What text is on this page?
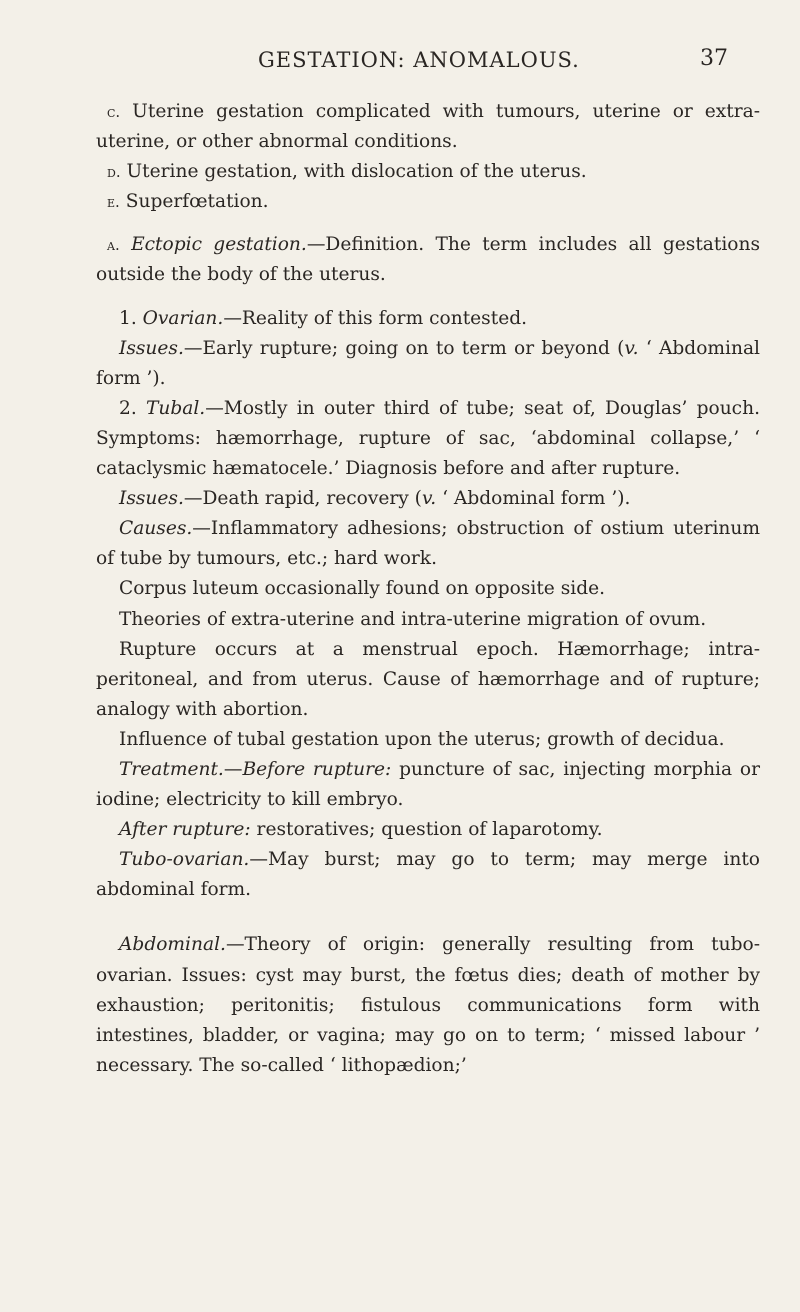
GESTATION: ANOMALOUS.	37

c. Uterine gestation complicated with tumours, uterine or extra-uterine, or other abnormal conditions.

d. Uterine gestation, with dislocation of the uterus.

e. Superfœtation.

a. Ectopic gestation.—Definition. The term includes all gestations outside the body of the uterus.

1. Ovarian.—Reality of this form contested.

Issues.—Early rupture; going on to term or beyond (v. ‘ Abdominal form ’).

2. Tubal.—Mostly in outer third of tube; seat of, Douglas’ pouch. Symptoms: hæmorrhage, rupture of sac, ‘abdominal collapse,’ ‘ cataclysmic hæmatocele.’ Diagnosis before and after rupture.

Issues.—Death rapid, recovery (v. ‘ Abdominal form ’).

Causes.—Inflammatory adhesions; obstruction of ostium uterinum of tube by tumours, etc.; hard work.

Corpus luteum occasionally found on opposite side.

Theories of extra-uterine and intra-uterine migration of ovum.

Rupture occurs at a menstrual epoch. Hæmorrhage; intra-peritoneal, and from uterus. Cause of hæmorrhage and of rupture; analogy with abortion.

Influence of tubal gestation upon the uterus; growth of decidua.

Treatment.—Before rupture: puncture of sac, injecting morphia or iodine; electricity to kill embryo.

After rupture: restoratives; question of laparotomy.

Tubo-ovarian.—May burst; may go to term; may merge into abdominal form.

Abdominal.—Theory of origin: generally resulting from tubo-ovarian. Issues: cyst may burst, the fœtus dies; death of mother by exhaustion; peritonitis; fistulous communications form with intestines, bladder, or vagina; may go on to term; ‘ missed labour ’ necessary. The so-called ‘ lithopædion;’
